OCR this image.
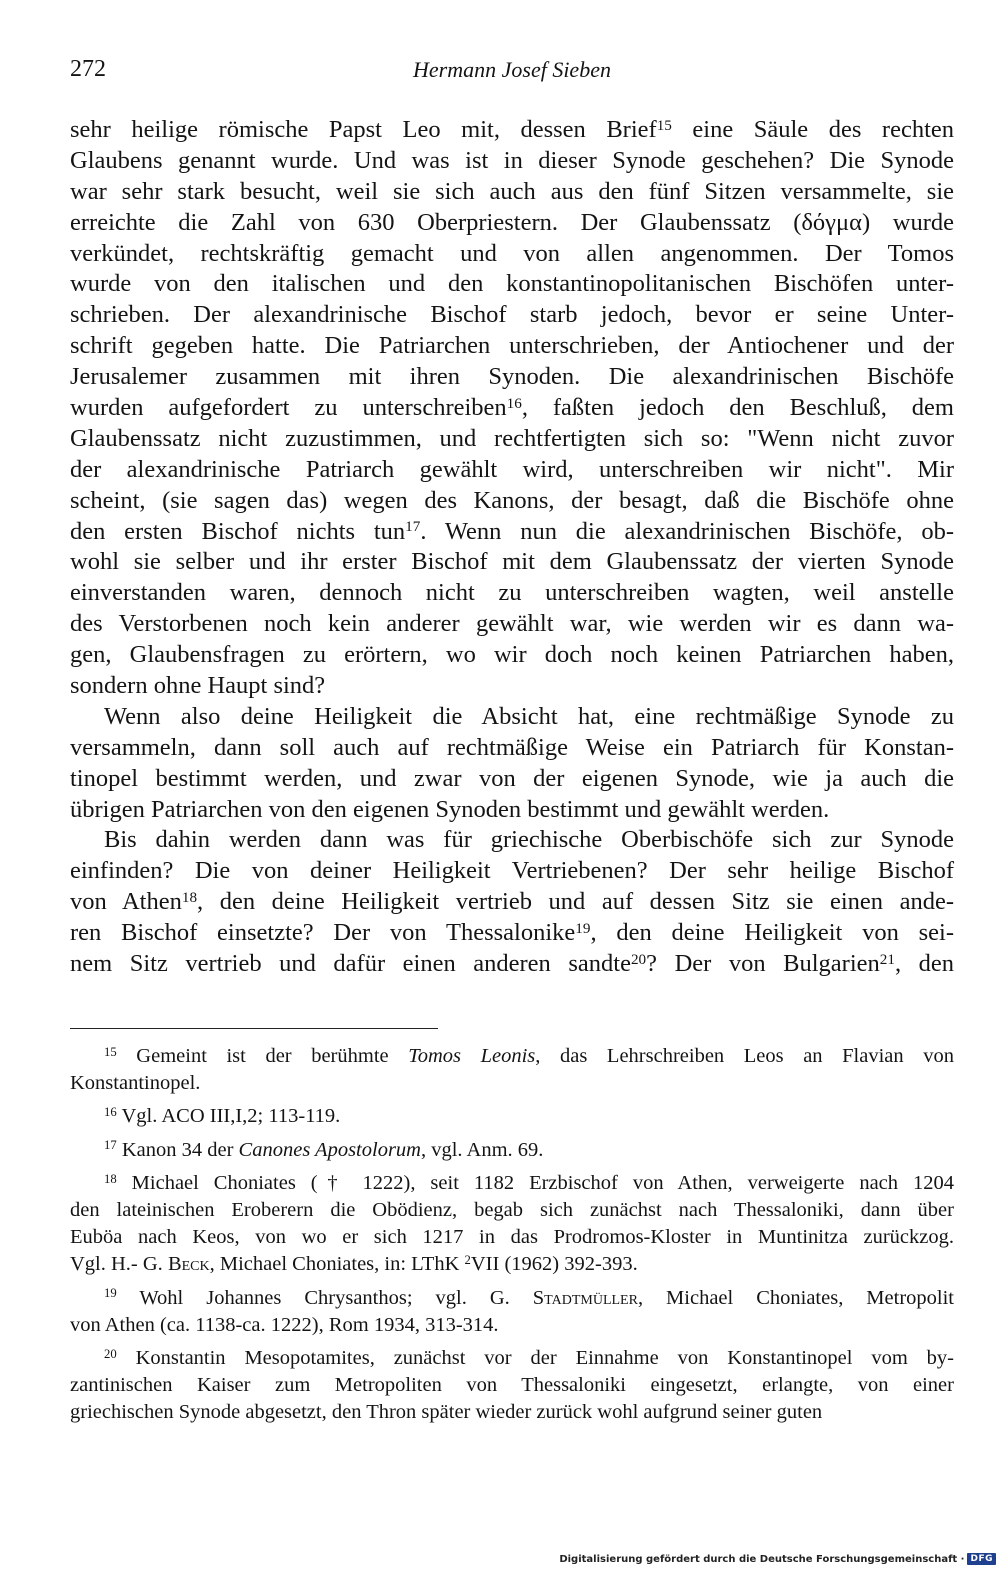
272	Hermann Josef Sieben
sehr heilige römische Papst Leo mit, dessen Brief$^{15}$ eine Säule des rechten
Glaubens genannt wurde. Und was ist in dieser Synode geschehen? Die Synode
war sehr stark besucht, weil sie sich auch aus den fünf Sitzen versammelte, sie
erreichte die Zahl von 630 Oberpriestern. Der Glaubenssatz (δόγμα) wurde
verkündet, rechtskräftig gemacht und von allen angenommen. Der Tomos
wurde von den italischen und den konstantinopolitanischen Bischöfen unter-
schrieben. Der alexandrinische Bischof starb jedoch, bevor er seine Unter-
schrift gegeben hatte. Die Patriarchen unterschrieben, der Antiochener und der
Jerusalemer zusammen mit ihren Synoden. Die alexandrinischen Bischöfe
wurden aufgefordert zu unterschreiben$^{16}$, faßten jedoch den Beschluß, dem
Glaubenssatz nicht zuzustimmen, und rechtfertigten sich so: "Wenn nicht zuvor
der alexandrinische Patriarch gewählt wird, unterschreiben wir nicht". Mir
scheint, (sie sagen das) wegen des Kanons, der besagt, daß die Bischöfe ohne
den ersten Bischof nichts tun$^{17}$. Wenn nun die alexandrinischen Bischöfe, ob-
wohl sie selber und ihr erster Bischof mit dem Glaubenssatz der vierten Synode
einverstanden waren, dennoch nicht zu unterschreiben wagten, weil anstelle
des Verstorbenen noch kein anderer gewählt war, wie werden wir es dann wa-
gen, Glaubensfragen zu erörtern, wo wir doch noch keinen Patriarchen haben,
sondern ohne Haupt sind?
Wenn also deine Heiligkeit die Absicht hat, eine rechtmäßige Synode zu
versammeln, dann soll auch auf rechtmäßige Weise ein Patriarch für Konstan-
tinopel bestimmt werden, und zwar von der eigenen Synode, wie ja auch die
übrigen Patriarchen von den eigenen Synoden bestimmt und gewählt werden.
Bis dahin werden dann was für griechische Oberbischöfe sich zur Synode
einfinden? Die von deiner Heiligkeit Vertriebenen? Der sehr heilige Bischof
von Athen$^{18}$, den deine Heiligkeit vertrieb und auf dessen Sitz sie einen ande-
ren Bischof einsetzte? Der von Thessalonike$^{19}$, den deine Heiligkeit von sei-
nem Sitz vertrieb und dafür einen anderen sandte$^{20}$? Der von Bulgarien$^{21}$, den
$^{15}$ Gemeint ist der berühmte Tomos Leonis, das Lehrschreiben Leos an Flavian von
Konstantinopel.
$^{16}$ Vgl. ACO III,I,2; 113-119.
$^{17}$ Kanon 34 der Canones Apostolorum, vgl. Anm. 69.
$^{18}$ Michael Choniates († 1222), seit 1182 Erzbischof von Athen, verweigerte nach 1204
den lateinischen Eroberern die Obödienz, begab sich zunächst nach Thessaloniki, dann über
Euböa nach Keos, von wo er sich 1217 in das Prodromos-Kloster in Muntinitza zurückzog.
Vgl. H.- G. Beck, Michael Choniates, in: LThK $^2$VII (1962) 392-393.
$^{19}$ Wohl Johannes Chrysanthos; vgl. G. Stadtmüller, Michael Choniates, Metropolit
von Athen (ca. 1138-ca. 1222), Rom 1934, 313-314.
$^{20}$ Konstantin Mesopotamites, zunächst vor der Einnahme von Konstantinopel vom by-
zantinischen Kaiser zum Metropoliten von Thessaloniki eingesetzt, erlangte, von einer
griechischen Synode abgesetzt, den Thron später wieder zurück wohl aufgrund seiner guten
Digitalisierung gefördert durch die Deutsche Forschungsgemeinschaft · DFG
